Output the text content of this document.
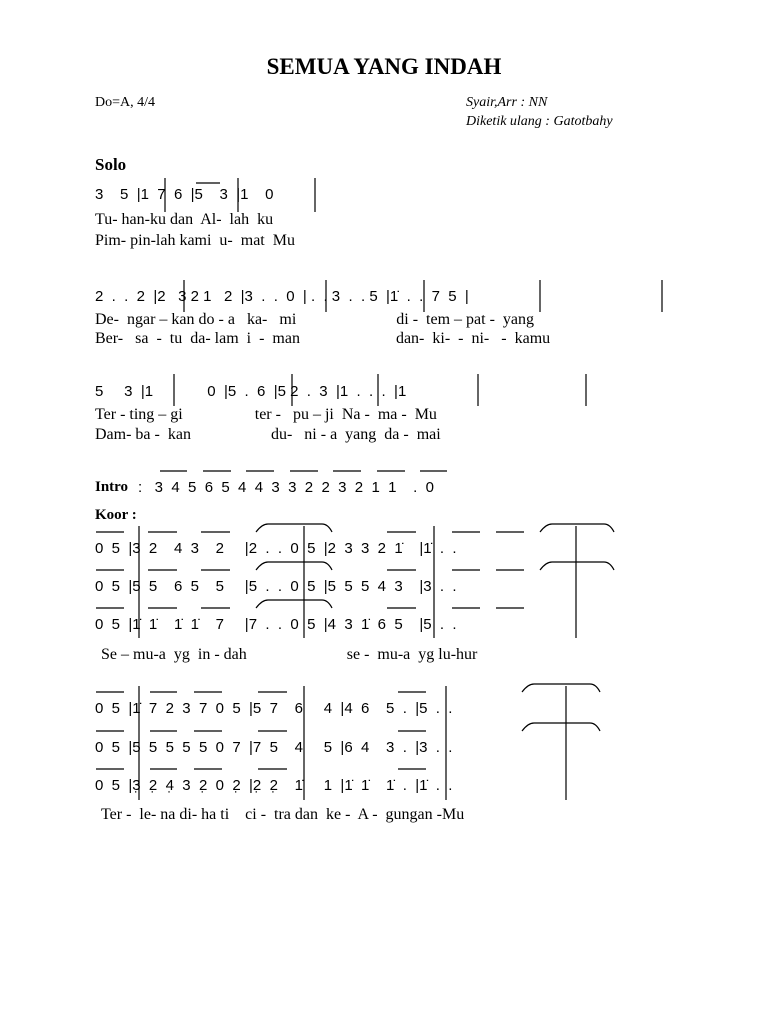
SEMUA YANG INDAH
Do=A, 4/4	Syair,Arr : NN
Diketik ulang : Gatotbahy
Solo
3    5  |1  7  6  |5    3  |1    0
Tu- han-ku dan  Al-  lah  ku
Pim- pin-lah kami  u-  mat  Mu
2  .  .  2  |2   3 2 1   2  |3  .  .  0  | .  . 3  .  . 5  |1̇  .  .  7  5  |
De-  ngar – kan do - a   ka-   mi                         di -  tem – pat -  yang
Ber-   sa  -  tu  da- lam  i  -  man                        dan-  ki-  -  ni-   -  kamu
5     3  |1             0  |5  .  6  |5 2  .  3  |1  .  .  .  |1
Ter - ting – gi                  ter -   pu – ji  Na -  ma -  Mu
Dam- ba -  kan                    du-   ni - a  yang  da -  mai
Intro :   3  4  5  6  5  4  4  3  3  2  2  3  2  1  1    .  0
Koor :
0  5  |3  2    4  3    2     |2  .  .  0  5  |2  3  3  2  1̇    |1̇  .  .
0  5  |5  5    6  5    5     |5  .  .  0  5  |5  5  5  4  3    |3  .  .
0  5  |1̇  1̇    1̇  1̇    7     |7  .  .  0  5  |4  3  1̇  6  5    |5  .  .
Se – mu-a  yg  in - dah                         se -  mu-a  yg lu-hur
0  5  |1̇  7  2  3  7  0  5  |5  7    6     4  |4  6    5  .  |5  .  .
0  5  |5  5  5  5  5  0  7  |7  5    4     5  |6  4    3  .  |3  .  .
0  5  |3̣  2̣  4̣  3  2̣  0  2̣  |2̣  2̣    1̇     1  |1̇  1̇    1̇  .  |1̇  .  .
Ter -  le- na di- ha ti    ci -  tra dan  ke -  A -  gungan -Mu
